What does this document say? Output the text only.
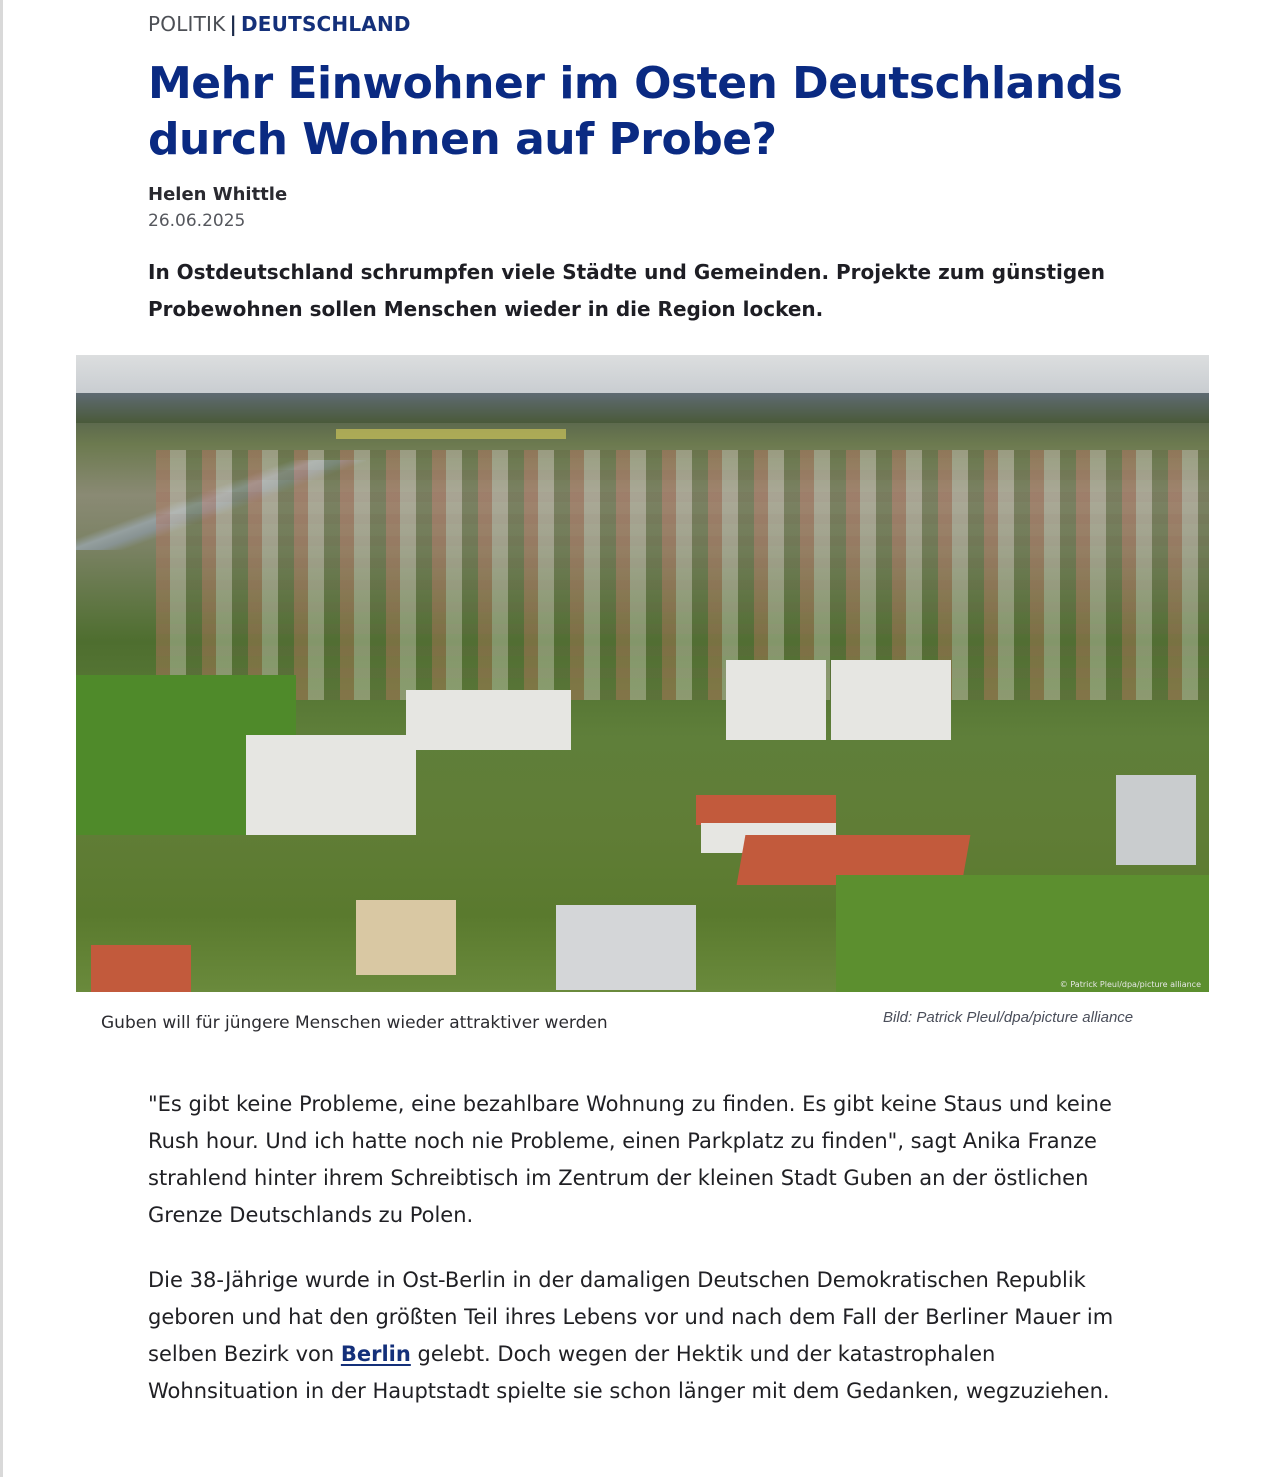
POLITIK | DEUTSCHLAND
Mehr Einwohner im Osten Deutschlands durch Wohnen auf Probe?
Helen Whittle
26.06.2025

In Ostdeutschland schrumpfen viele Städte und Gemeinden. Projekte zum günstigen Probewohnen sollen Menschen wieder in die Region locken.

© Patrick Pleul/dpa/picture alliance
Guben will für jüngere Menschen wieder attraktiver werden	Bild: Patrick Pleul/dpa/picture alliance

"Es gibt keine Probleme, eine bezahlbare Wohnung zu finden. Es gibt keine Staus und keine Rush hour. Und ich hatte noch nie Probleme, einen Parkplatz zu finden", sagt Anika Franze strahlend hinter ihrem Schreibtisch im Zentrum der kleinen Stadt Guben an der östlichen Grenze Deutschlands zu Polen.

Die 38-Jährige wurde in Ost-Berlin in der damaligen Deutschen Demokratischen Republik geboren und hat den größten Teil ihres Lebens vor und nach dem Fall der Berliner Mauer im selben Bezirk von Berlin gelebt. Doch wegen der Hektik und der katastrophalen Wohnsituation in der Hauptstadt spielte sie schon länger mit dem Gedanken, wegzuziehen.
